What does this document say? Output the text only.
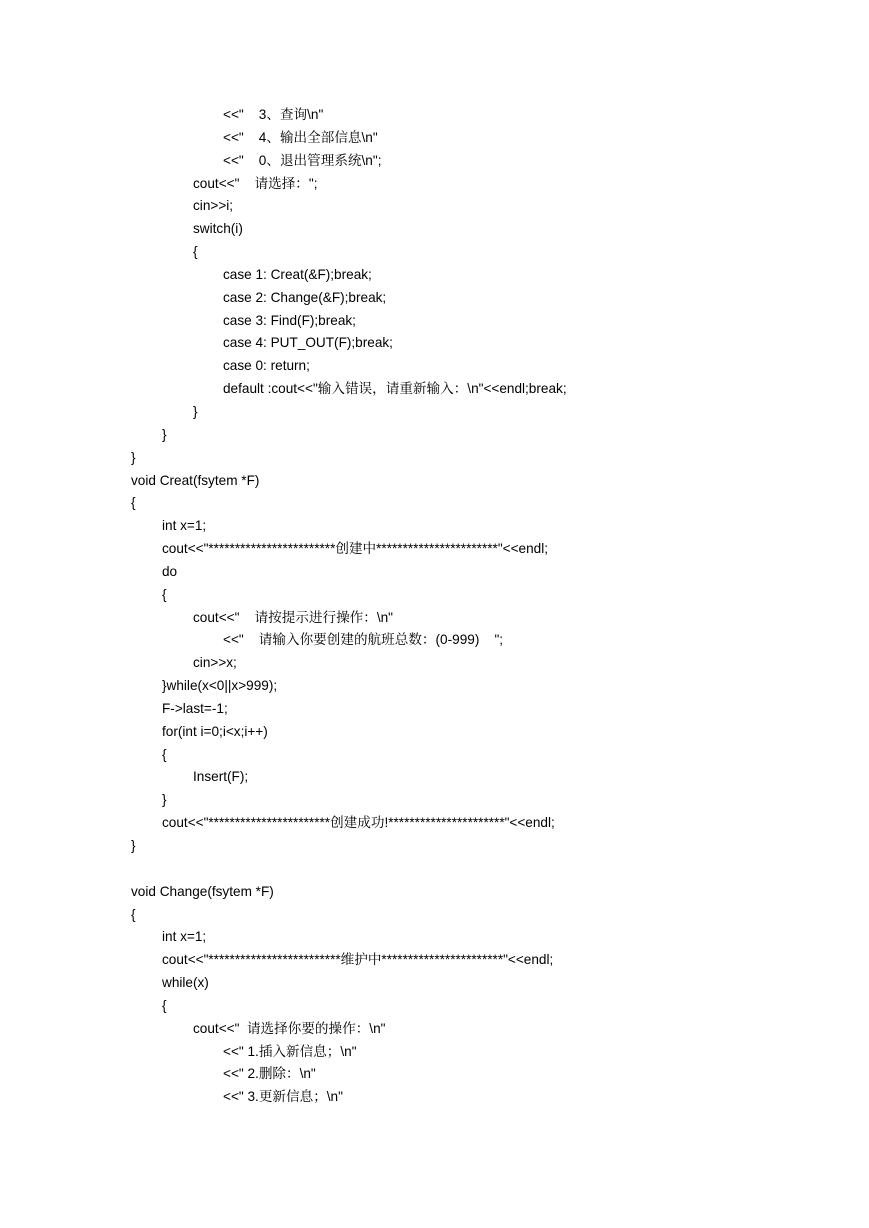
<<"    3、查询\n"
<<"    4、输出全部信息\n"
<<"    0、退出管理系统\n";
cout<<"    请选择：";
cin>>i;
switch(i)
{
case 1: Creat(&F);break;
case 2: Change(&F);break;
case 3: Find(F);break;
case 4: PUT_OUT(F);break;
case 0: return;
default :cout<<"输入错误，请重新输入：\n"<<endl;break;
}
}
}
void Creat(fsytem *F)
{
int x=1;
cout<<"************************创建中***********************"<<endl;
do
{
cout<<"    请按提示进行操作：\n"
<<"    请输入你要创建的航班总数：(0-999)    ";
cin>>x;
}while(x<0||x>999);
F->last=-1;
for(int i=0;i<x;i++)
{
Insert(F);
}
cout<<"***********************创建成功!**********************"<<endl;
}
void Change(fsytem *F)
{
int x=1;
cout<<"*************************维护中***********************"<<endl;
while(x)
{
cout<<"  请选择你要的操作：\n"
<<" 1.插入新信息；\n"
<<" 2.删除：\n"
<<" 3.更新信息；\n"
